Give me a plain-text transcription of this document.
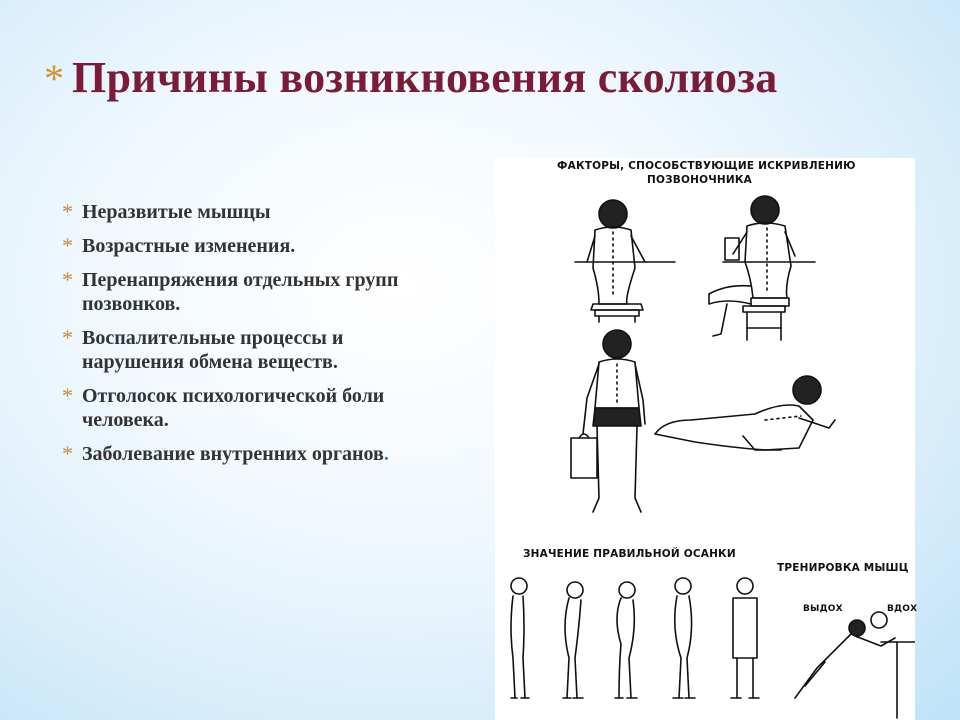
* Причины возникновения сколиоза
* Неразвитые мышцы
* Возрастные изменения.
* Перенапряжения отдельных групп позвонков.
* Воспалительные процессы и нарушения обмена веществ.
* Отголосок психологической боли человека.
* Заболевание внутренних органов.
ФАКТОРЫ, СПОСОБСТВУЮЩИЕ ИСКРИВЛЕНИЮ
ПОЗВОНОЧНИКА
ЗНАЧЕНИЕ ПРАВИЛЬНОЙ ОСАНКИ
ТРЕНИРОВКА МЫШЦ
ВЫДОХ	ВДОХ
